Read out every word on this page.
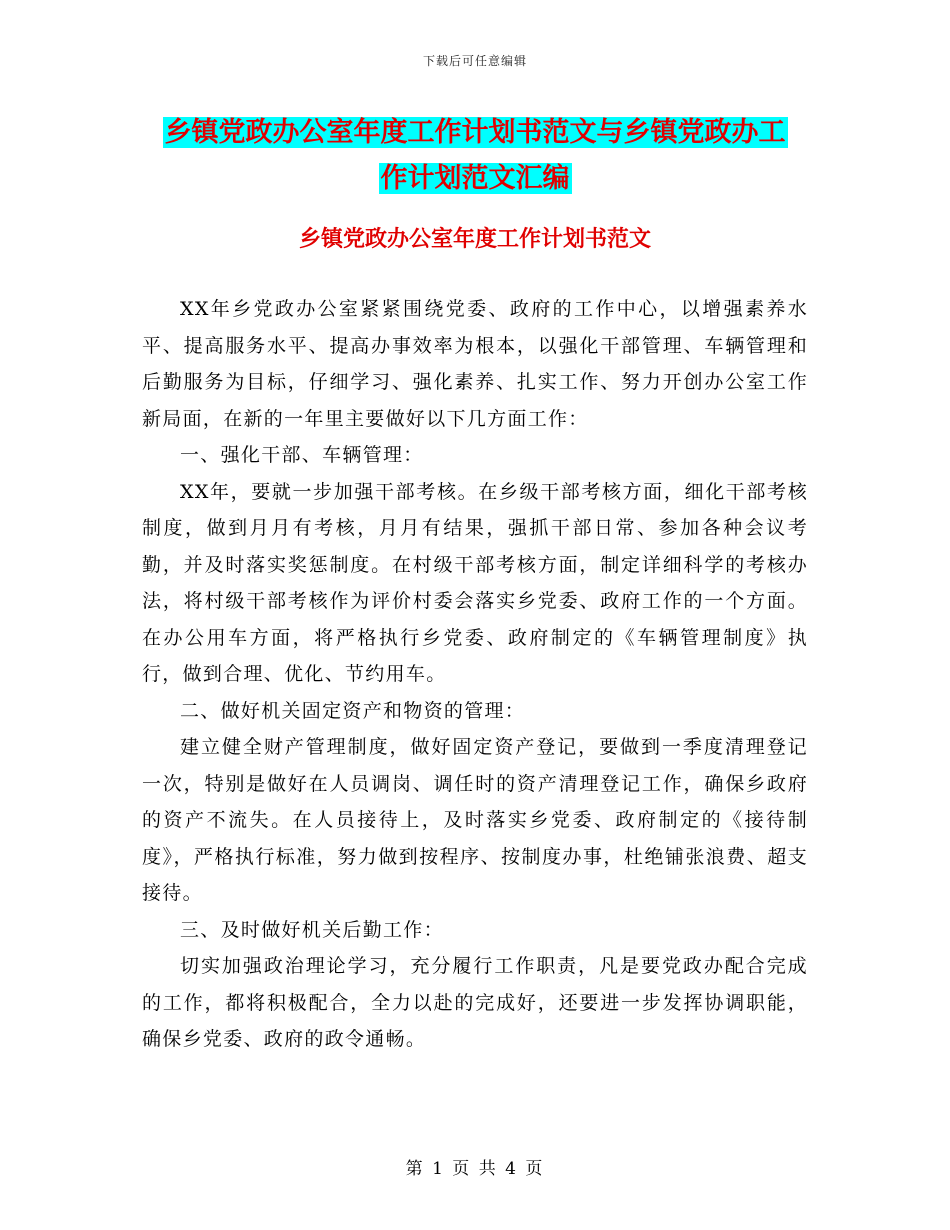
下载后可任意编辑
乡镇党政办公室年度工作计划书范文与乡镇党政办工
作计划范文汇编
乡镇党政办公室年度工作计划书范文

XX年乡党政办公室紧紧围绕党委、政府的工作中心，以增强素养水平、提高服务水平、提高办事效率为根本，以强化干部管理、车辆管理和后勤服务为目标，仔细学习、强化素养、扎实工作、努力开创办公室工作新局面，在新的一年里主要做好以下几方面工作：

一、强化干部、车辆管理：

XX年，要就一步加强干部考核。在乡级干部考核方面，细化干部考核制度，做到月月有考核，月月有结果，强抓干部日常、参加各种会议考勤，并及时落实奖惩制度。在村级干部考核方面，制定详细科学的考核办法，将村级干部考核作为评价村委会落实乡党委、政府工作的一个方面。在办公用车方面，将严格执行乡党委、政府制定的《车辆管理制度》执行，做到合理、优化、节约用车。

二、做好机关固定资产和物资的管理：

建立健全财产管理制度，做好固定资产登记，要做到一季度清理登记一次，特别是做好在人员调岗、调任时的资产清理登记工作，确保乡政府的资产不流失。在人员接待上，及时落实乡党委、政府制定的《接待制度》，严格执行标准，努力做到按程序、按制度办事，杜绝铺张浪费、超支接待。

三、及时做好机关后勤工作：

切实加强政治理论学习，充分履行工作职责，凡是要党政办配合完成的工作，都将积极配合，全力以赴的完成好，还要进一步发挥协调职能，确保乡党委、政府的政令通畅。

第 1 页 共 4 页
